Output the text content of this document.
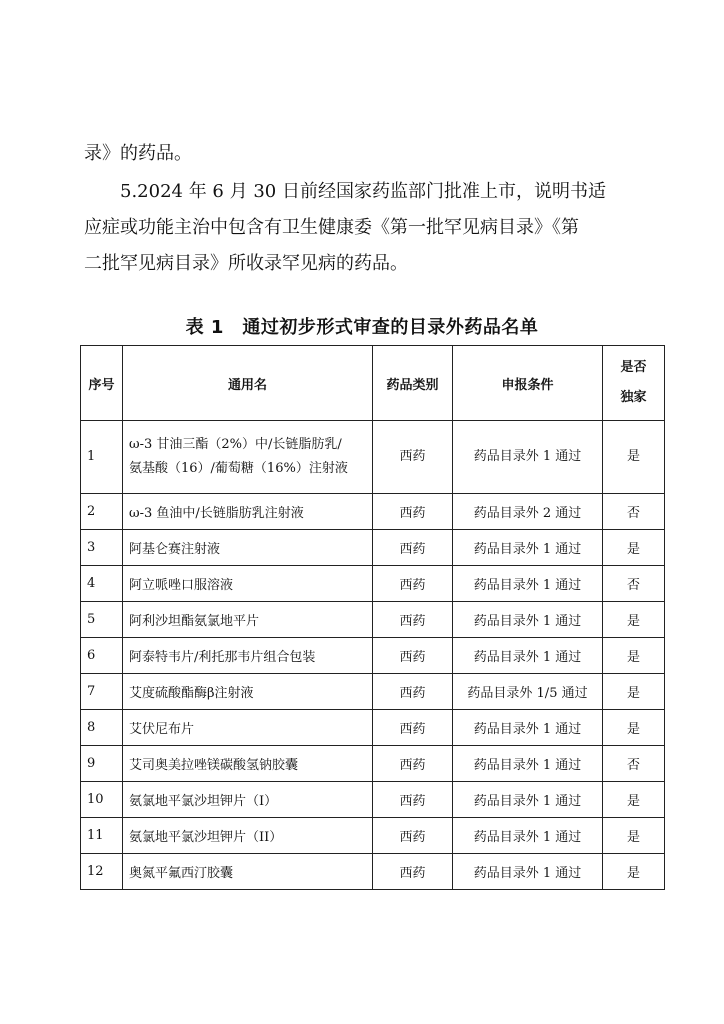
录》的药品。

5.2024 年 6 月 30 日前经国家药监部门批准上市，说明书适
应症或功能主治中包含有卫生健康委《第一批罕见病目录》《第
二批罕见病目录》所收录罕见病的药品。
表 1　通过初步形式审查的目录外药品名单
序号	通用名	药品类别	申报条件	是否
独家

1	ω-3 甘油三酯（2%）中/长链脂肪乳/
氨基酸（16）/葡萄糖（16%）注射液	西药	药品目录外 1 通过	是
2	ω-3 鱼油中/长链脂肪乳注射液	西药	药品目录外 2 通过	否
3	阿基仑赛注射液	西药	药品目录外 1 通过	是
4	阿立哌唑口服溶液	西药	药品目录外 1 通过	否
5	阿利沙坦酯氨氯地平片	西药	药品目录外 1 通过	是
6	阿泰特韦片/利托那韦片组合包装	西药	药品目录外 1 通过	是
7	艾度硫酸酯酶β注射液	西药	药品目录外 1/5 通过	是
8	艾伏尼布片	西药	药品目录外 1 通过	是
9	艾司奥美拉唑镁碳酸氢钠胶囊	西药	药品目录外 1 通过	否
10	氨氯地平氯沙坦钾片（I）	西药	药品目录外 1 通过	是
11	氨氯地平氯沙坦钾片（II）	西药	药品目录外 1 通过	是
12	奥氮平氟西汀胶囊	西药	药品目录外 1 通过	是
